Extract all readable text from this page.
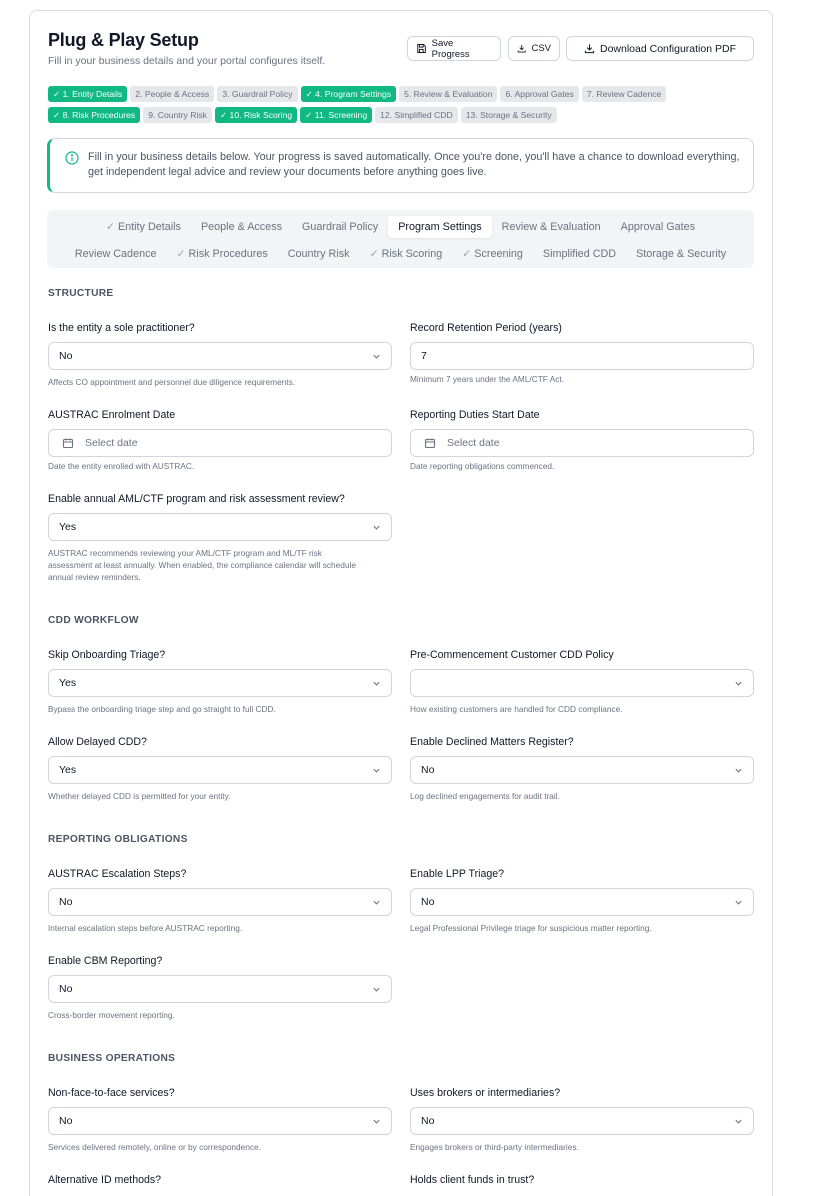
Plug & Play Setup
Fill in your business details and your portal configures itself.
Save Progress	CSV	Download Configuration PDF
✓ 1. Entity Details	2. People & Access	3. Guardrail Policy	✓ 4. Program Settings	5. Review & Evaluation	6. Approval Gates	7. Review Cadence
✓ 8. Risk Procedures	9. Country Risk	✓ 10. Risk Scoring	✓ 11. Screening	12. Simplified CDD	13. Storage & Security
Fill in your business details below. Your progress is saved automatically. Once you're done, you'll have a chance to download everything, get independent legal advice and review your documents before anything goes live.
✓ Entity Details	People & Access	Guardrail Policy	Program Settings	Review & Evaluation	Approval Gates
Review Cadence	✓ Risk Procedures	Country Risk	✓ Risk Scoring	✓ Screening	Simplified CDD	Storage & Security
STRUCTURE
Is the entity a sole practitioner?
No
Affects CO appointment and personnel due diligence requirements.
Record Retention Period (years)
7
Minimum 7 years under the AML/CTF Act.
AUSTRAC Enrolment Date
Select date
Date the entity enrolled with AUSTRAC.
Reporting Duties Start Date
Select date
Date reporting obligations commenced.
Enable annual AML/CTF program and risk assessment review?
Yes
AUSTRAC recommends reviewing your AML/CTF program and ML/TF risk assessment at least annually. When enabled, the compliance calendar will schedule annual review reminders.
CDD WORKFLOW
Skip Onboarding Triage?
Yes
Bypass the onboarding triage step and go straight to full CDD.
Pre-Commencement Customer CDD Policy
How existing customers are handled for CDD compliance.
Allow Delayed CDD?
Yes
Whether delayed CDD is permitted for your entity.
Enable Declined Matters Register?
No
Log declined engagements for audit trail.
REPORTING OBLIGATIONS
AUSTRAC Escalation Steps?
No
Internal escalation steps before AUSTRAC reporting.
Enable LPP Triage?
No
Legal Professional Privilege triage for suspicious matter reporting.
Enable CBM Reporting?
No
Cross-border movement reporting.
BUSINESS OPERATIONS
Non-face-to-face services?
No
Services delivered remotely, online or by correspondence.
Uses brokers or intermediaries?
No
Engages brokers or third-party intermediaries.
Alternative ID methods?	Holds client funds in trust?
